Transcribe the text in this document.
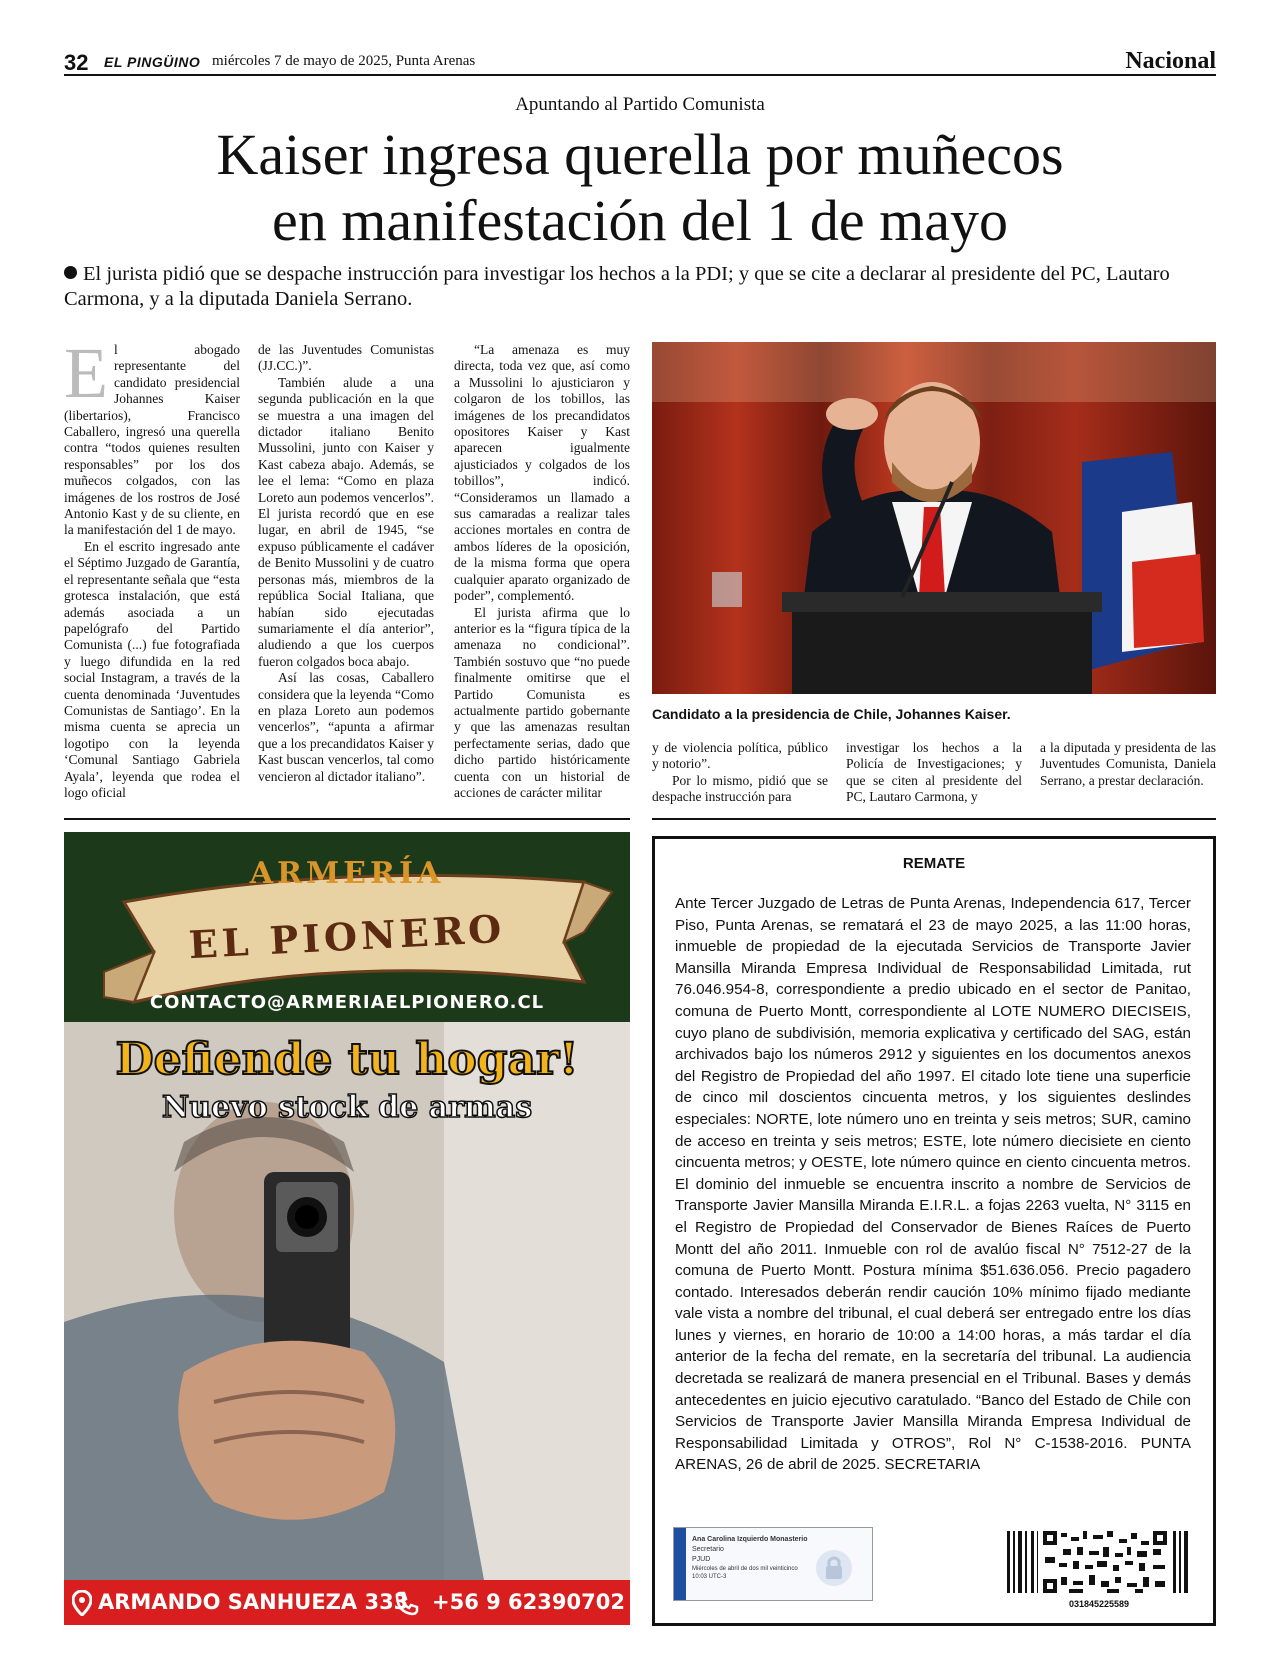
32 EL PINGÜINO miércoles 7 de mayo de 2025, Punta Arenas	Nacional
Apuntando al Partido Comunista
Kaiser ingresa querella por muñecos
en manifestación del 1 de mayo
El jurista pidió que se despache instrucción para investigar los hechos a la PDI; y que se cite a declarar al presidente del PC, Lautaro Carmona, y a la diputada Daniela Serrano.

El abogado representante del candidato presidencial Johannes Kaiser (libertarios), Francisco Caballero, ingresó una querella contra “todos quienes resulten responsables” por los dos muñecos colgados, con las imágenes de los rostros de José Antonio Kast y de su cliente, en la manifestación del 1 de mayo.

En el escrito ingresado ante el Séptimo Juzgado de Garantía, el representante señala que “esta grotesca instalación, que está además asociada a un papelógrafo del Partido Comunista (...) fue fotografiada y luego difundida en la red social Instagram, a través de la cuenta denominada ‘Juventudes Comunistas de Santiago’. En la misma cuenta se aprecia un logotipo con la leyenda ‘Comunal Santiago Gabriela Ayala’, leyenda que rodea el logo oficial

de las Juventudes Comunistas (JJ.CC.)”.

También alude a una segunda publicación en la que se muestra a una imagen del dictador italiano Benito Mussolini, junto con Kaiser y Kast cabeza abajo. Además, se lee el lema: “Como en plaza Loreto aun podemos vencerlos”. El jurista recordó que en ese lugar, en abril de 1945, “se expuso públicamente el cadáver de Benito Mussolini y de cuatro personas más, miembros de la república Social Italiana, que habían sido ejecutadas sumariamente el día anterior”, aludiendo a que los cuerpos fueron colgados boca abajo.

Así las cosas, Caballero considera que la leyenda “Como en plaza Loreto aun podemos vencerlos”, “apunta a afirmar que a los precandidatos Kaiser y Kast buscan vencerlos, tal como vencieron al dictador italiano”.

“La amenaza es muy directa, toda vez que, así como a Mussolini lo ajusticiaron y colgaron de los tobillos, las imágenes de los precandidatos opositores Kaiser y Kast aparecen igualmente ajusticiados y colgados de los tobillos”, indicó. “Consideramos un llamado a sus camaradas a realizar tales acciones mortales en contra de ambos líderes de la oposición, de la misma forma que opera cualquier aparato organizado de poder”, complementó.

El jurista afirma que lo anterior es la “figura típica de la amenaza no condicional”. También sostuvo que “no puede finalmente omitirse que el Partido Comunista es actualmente partido gobernante y que las amenazas resultan perfectamente serias, dado que dicho partido históricamente cuenta con un historial de acciones de carácter militar

Candidato a la presidencia de Chile, Johannes Kaiser.

y de violencia política, público y notorio”.

Por lo mismo, pidió que se despache instrucción para

investigar los hechos a la Policía de Investigaciones; y que se citen al presidente del PC, Lautaro Carmona, y

a la diputada y presidenta de las Juventudes Comunista, Daniela Serrano, a prestar declaración.

ARMERÍA
EL PIONERO
CONTACTO@ARMERIAELPIONERO.CL
Defiende tu hogar!
Nuevo stock de armas
ARMANDO SANHUEZA 333 +56 9 62390702
REMATE
Ante Tercer Juzgado de Letras de Punta Arenas, Independencia 617, Tercer Piso, Punta Arenas, se rematará el 23 de mayo 2025, a las 11:00 horas, inmueble de propiedad de la ejecutada Servicios de Transporte Javier Mansilla Miranda Empresa Individual de Responsabilidad Limitada, rut 76.046.954-8, correspondiente a predio ubicado en el sector de Panitao, comuna de Puerto Montt, correspondiente al LOTE NUMERO DIECISEIS, cuyo plano de subdivisión, memoria explicativa y certificado del SAG, están archivados bajo los números 2912 y siguientes en los documentos anexos del Registro de Propiedad del año 1997. El citado lote tiene una superficie de cinco mil doscientos cincuenta metros, y los siguientes deslindes especiales: NORTE, lote número uno en treinta y seis metros; SUR, camino de acceso en treinta y seis metros; ESTE, lote número diecisiete en ciento cincuenta metros; y OESTE, lote número quince en ciento cincuenta metros. El dominio del inmueble se encuentra inscrito a nombre de Servicios de Transporte Javier Mansilla Miranda E.I.R.L. a fojas 2263 vuelta, N° 3115 en el Registro de Propiedad del Conservador de Bienes Raíces de Puerto Montt del año 2011. Inmueble con rol de avalúo fiscal N° 7512-27 de la comuna de Puerto Montt. Postura mínima $51.636.056. Precio pagadero contado. Interesados deberán rendir caución 10% mínimo fijado mediante vale vista a nombre del tribunal, el cual deberá ser entregado entre los días lunes y viernes, en horario de 10:00 a 14:00 horas, a más tardar el día anterior de la fecha del remate, en la secretaría del tribunal. La audiencia decretada se realizará de manera presencial en el Tribunal. Bases y demás antecedentes en juicio ejecutivo caratulado. “Banco del Estado de Chile con Servicios de Transporte Javier Mansilla Miranda Empresa Individual de Responsabilidad Limitada y OTROS”, Rol N° C-1538-2016. PUNTA ARENAS, 26 de abril de 2025. SECRETARIA
Ana Carolina Izquierdo Monasterio
Secretario
PJUD
Miércoles de abril de dos mil veinticinco
10:03 UTC-3
031845225589
